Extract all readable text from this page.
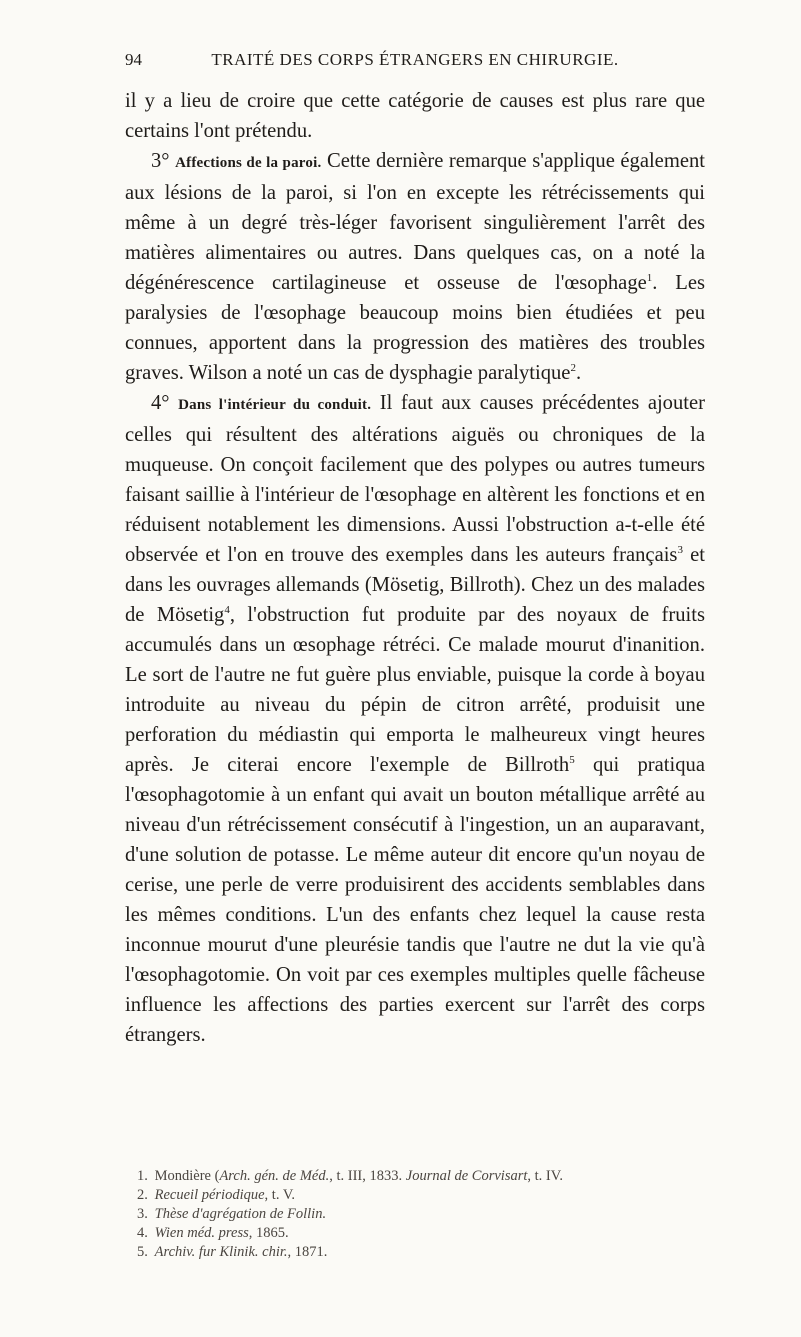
94	TRAITÉ DES CORPS ÉTRANGERS EN CHIRURGIE.

il y a lieu de croire que cette catégorie de causes est plus rare que certains l'ont prétendu.

3° Affections de la paroi. Cette dernière remarque s'applique également aux lésions de la paroi, si l'on en excepte les rétrécissements qui même à un degré très-léger favorisent singulièrement l'arrêt des matières alimentaires ou autres. Dans quelques cas, on a noté la dégénérescence cartilagineuse et osseuse de l'œsophage$^1$. Les paralysies de l'œsophage beaucoup moins bien étudiées et peu connues, apportent dans la progression des matières des troubles graves. Wilson a noté un cas de dysphagie paralytique$^2$.

4° Dans l'intérieur du conduit. Il faut aux causes précédentes ajouter celles qui résultent des altérations aiguës ou chroniques de la muqueuse. On conçoit facilement que des polypes ou autres tumeurs faisant saillie à l'intérieur de l'œsophage en altèrent les fonctions et en réduisent notablement les dimensions. Aussi l'obstruction a-t-elle été observée et l'on en trouve des exemples dans les auteurs français$^3$ et dans les ouvrages allemands (Mösetig, Billroth). Chez un des malades de Mösetig$^4$, l'obstruction fut produite par des noyaux de fruits accumulés dans un œsophage rétréci. Ce malade mourut d'inanition. Le sort de l'autre ne fut guère plus enviable, puisque la corde à boyau introduite au niveau du pépin de citron arrêté, produisit une perforation du médiastin qui emporta le malheureux vingt heures après. Je citerai encore l'exemple de Billroth$^5$ qui pratiqua l'œsophagotomie à un enfant qui avait un bouton métallique arrêté au niveau d'un rétrécissement consécutif à l'ingestion, un an auparavant, d'une solution de potasse. Le même auteur dit encore qu'un noyau de cerise, une perle de verre produisirent des accidents semblables dans les mêmes conditions. L'un des enfants chez lequel la cause resta inconnue mourut d'une pleurésie tandis que l'autre ne dut la vie qu'à l'œsophagotomie. On voit par ces exemples multiples quelle fâcheuse influence les affections des parties exercent sur l'arrêt des corps étrangers.

1. Mondière (Arch. gén. de Méd., t. III, 1833. Journal de Corvisart, t. IV.
2. Recueil périodique, t. V.
3. Thèse d'agrégation de Follin.
4. Wien méd. press, 1865.
5. Archiv. fur Klinik. chir., 1871.
